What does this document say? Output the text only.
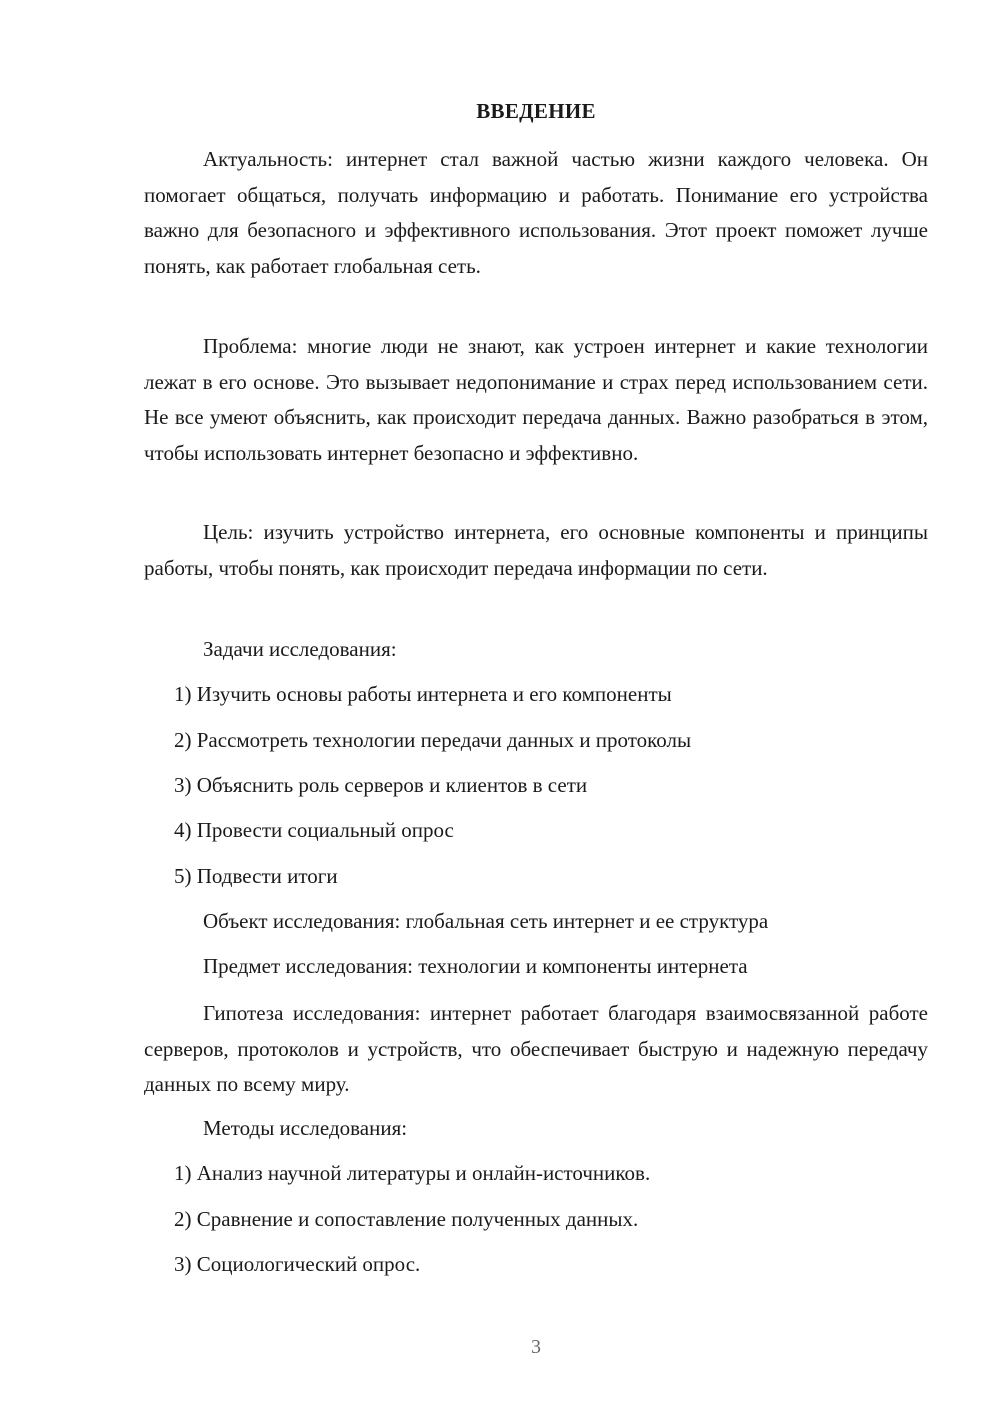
ВВЕДЕНИЕ

Актуальность: интернет стал важной частью жизни каждого человека. Он помогает общаться, получать информацию и работать. Понимание его устройства важно для безопасного и эффективного использования. Этот проект поможет лучше понять, как работает глобальная сеть.

Проблема: многие люди не знают, как устроен интернет и какие технологии лежат в его основе. Это вызывает недопонимание и страх перед использованием сети. Не все умеют объяснить, как происходит передача данных. Важно разобраться в этом, чтобы использовать интернет безопасно и эффективно.

Цель: изучить устройство интернета, его основные компоненты и принципы работы, чтобы понять, как происходит передача информации по сети.

Задачи исследования:

1) Изучить основы работы интернета и его компоненты

2) Рассмотреть технологии передачи данных и протоколы

3) Объяснить роль серверов и клиентов в сети

4) Провести социальный опрос

5) Подвести итоги

Объект исследования: глобальная сеть интернет и ее структура

Предмет исследования: технологии и компоненты интернета

Гипотеза исследования: интернет работает благодаря взаимосвязанной работе серверов, протоколов и устройств, что обеспечивает быструю и надежную передачу данных по всему миру.

Методы исследования:

1) Анализ научной литературы и онлайн-источников.

2) Сравнение и сопоставление полученных данных.

3) Социологический опрос.

3
